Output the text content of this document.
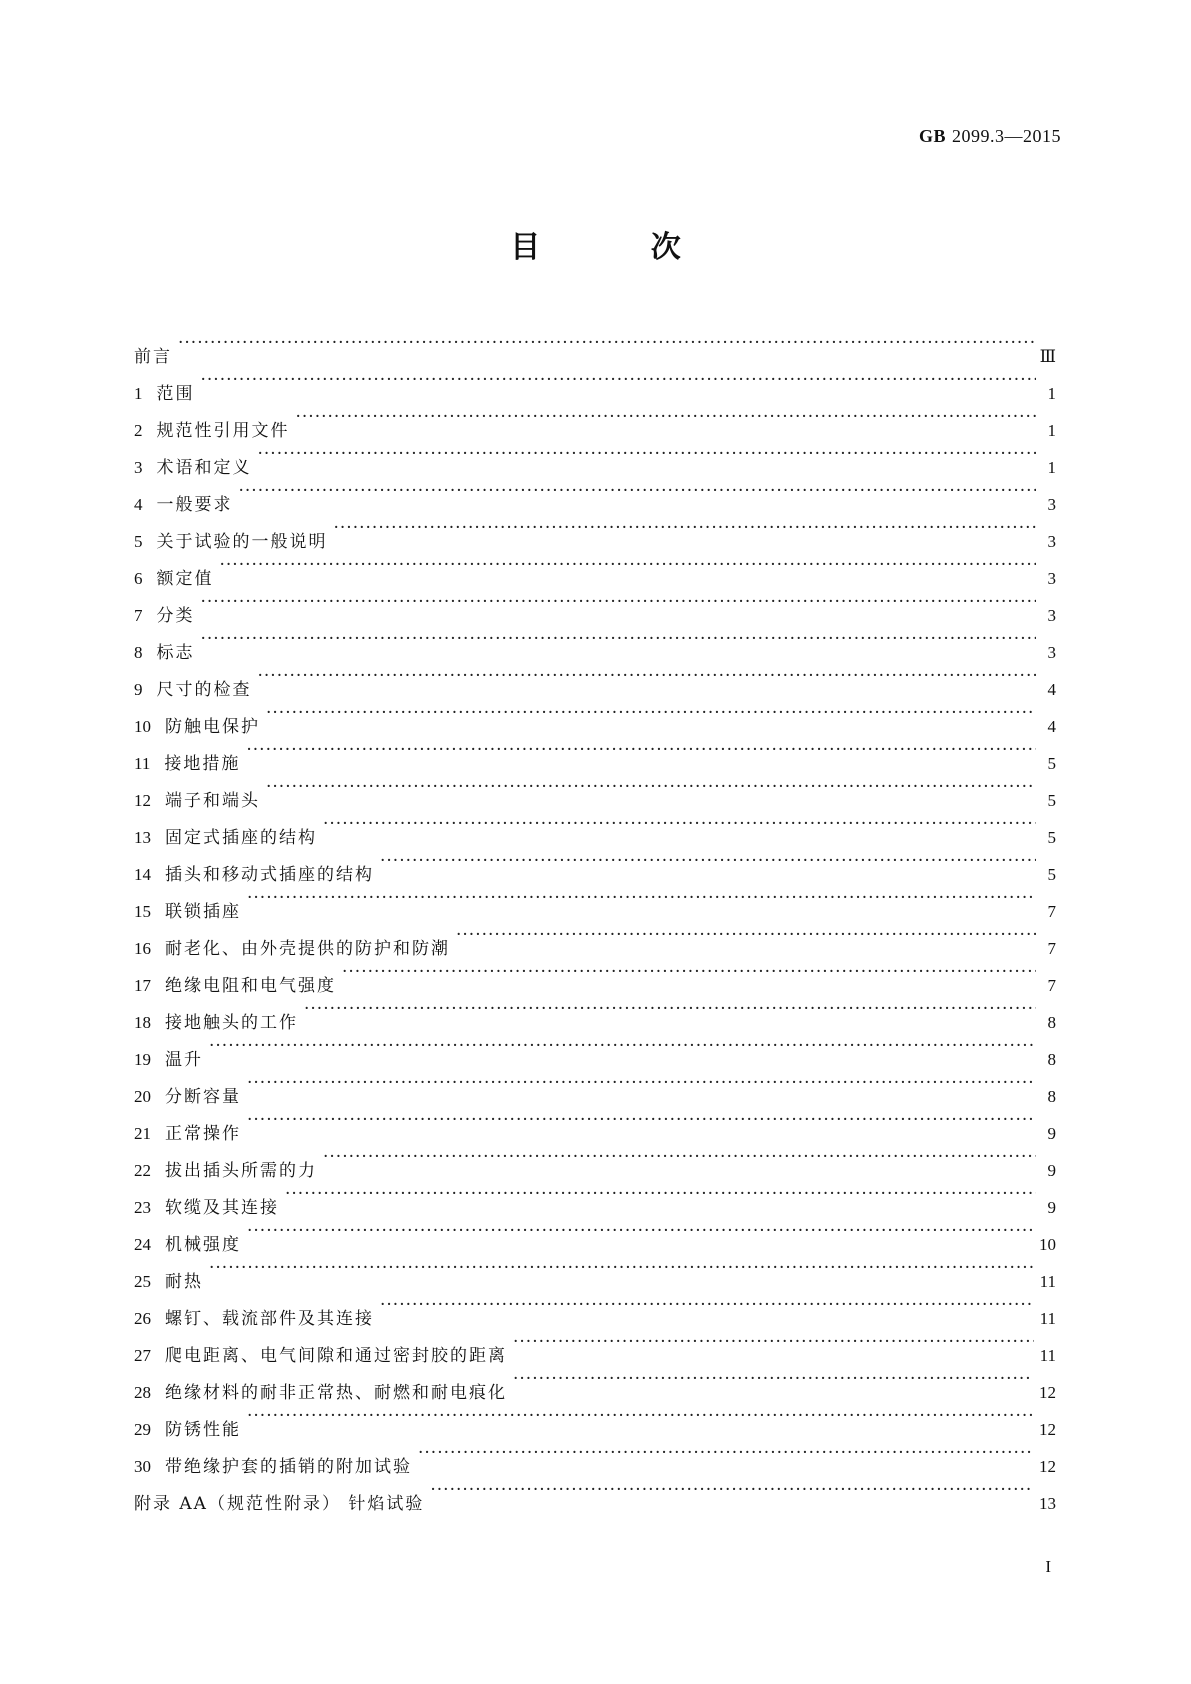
GB 2099.3—2015
目 次
前言 ·····	Ⅲ
1 范围 ·····	1
2 规范性引用文件 ·····	1
3 术语和定义 ·····	1
4 一般要求 ·····	3
5 关于试验的一般说明 ·····	3
6 额定值 ·····	3
7 分类 ·····	3
8 标志 ·····	3
9 尺寸的检查 ·····	4
10 防触电保护 ·····	4
11 接地措施 ·····	5
12 端子和端头 ·····	5
13 固定式插座的结构 ·····	5
14 插头和移动式插座的结构 ·····	5
15 联锁插座 ·····	7
16 耐老化、由外壳提供的防护和防潮 ·····	7
17 绝缘电阻和电气强度 ·····	7
18 接地触头的工作 ·····	8
19 温升 ·····	8
20 分断容量 ·····	8
21 正常操作 ·····	9
22 拔出插头所需的力 ·····	9
23 软缆及其连接 ·····	9
24 机械强度 ·····	10
25 耐热 ·····	11
26 螺钉、载流部件及其连接 ·····	11
27 爬电距离、电气间隙和通过密封胶的距离 ·····	11
28 绝缘材料的耐非正常热、耐燃和耐电痕化 ·····	12
29 防锈性能 ·····	12
30 带绝缘护套的插销的附加试验 ·····	12
附录 AA（规范性附录） 针焰试验 ·····	13
I
